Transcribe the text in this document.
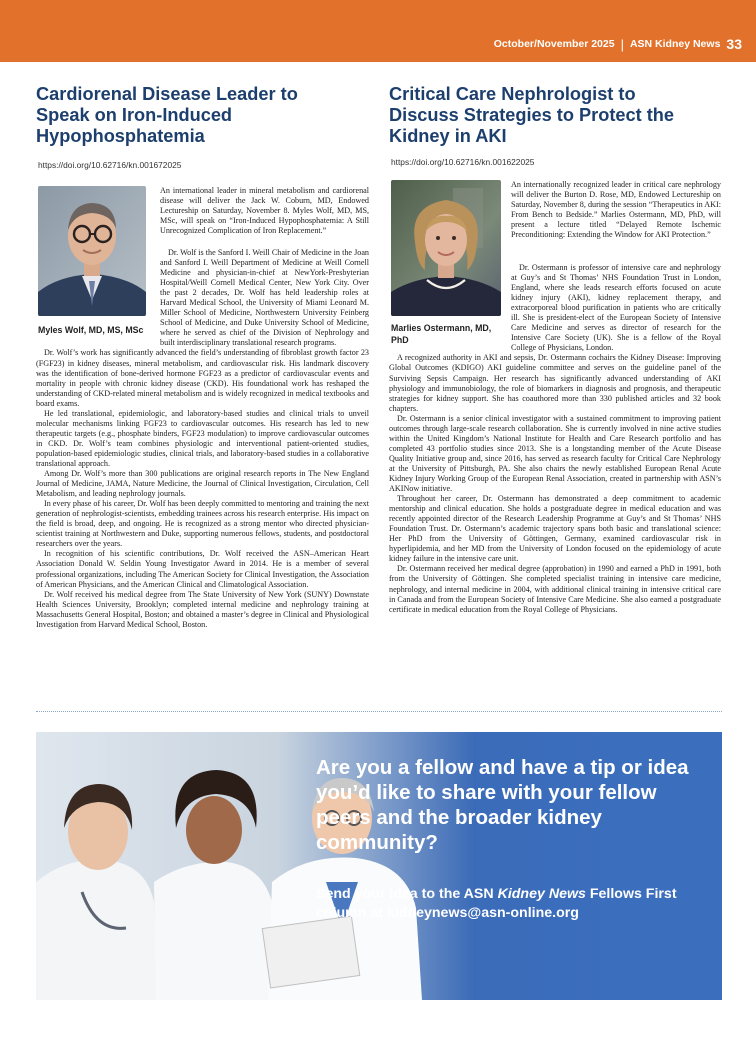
October/November 2025 | ASN Kidney News 33
Cardiorenal Disease Leader to Speak on Iron-Induced Hypophosphatemia
https://doi.org/10.62716/kn.001672025
Myles Wolf, MD, MS, MSc

An international leader in mineral metabolism and cardiorenal disease will deliver the Jack W. Coburn, MD, Endowed Lectureship on Saturday, November 8. Myles Wolf, MD, MS, MSc, will speak on “Iron-Induced Hypophosphatemia: A Still Unrecognized Complication of Iron Replacement.”

Dr. Wolf is the Sanford I. Weill Chair of Medicine in the Joan and Sanford I. Weill Department of Medicine at Weill Cornell Medicine and physician-in-chief at NewYork-Presbyterian Hospital/Weill Cornell Medical Center, New York City. Over the past 2 decades, Dr. Wolf has held leadership roles at Harvard Medical School, the University of Miami Leonard M. Miller School of Medicine, Northwestern University Feinberg School of Medicine, and Duke University School of Medicine, where he served as chief of the Division of Nephrology and built interdisciplinary translational research programs.

Dr. Wolf’s work has significantly advanced the field’s understanding of fibroblast growth factor 23 (FGF23) in kidney diseases, mineral metabolism, and cardiovascular risk. His landmark discovery was the identification of bone-derived hormone FGF23 as a predictor of cardiovascular events and mortality in people with chronic kidney disease (CKD). His foundational work has reshaped the understanding of CKD-related mineral metabolism and is widely recognized in medical textbooks and board exams.

He led translational, epidemiologic, and laboratory-based studies and clinical trials to unveil molecular mechanisms linking FGF23 to cardiovascular outcomes. His research has led to new therapeutic targets (e.g., phosphate binders, FGF23 modulation) to improve cardiovascular outcomes in CKD. Dr. Wolf’s team combines physiologic and interventional patient-oriented studies, population-based epidemiologic studies, clinical trials, and laboratory-based studies in a collaborative translational approach.

Among Dr. Wolf’s more than 300 publications are original research reports in The New England Journal of Medicine, JAMA, Nature Medicine, the Journal of Clinical Investigation, Circulation, Cell Metabolism, and leading nephrology journals.

In every phase of his career, Dr. Wolf has been deeply committed to mentoring and training the next generation of nephrologist-scientists, embedding trainees across his research enterprise. His impact on the field is broad, deep, and ongoing. He is recognized as a strong mentor who directed physician-scientist training at Northwestern and Duke, supporting numerous fellows, students, and postdoctoral researchers over the years.

In recognition of his scientific contributions, Dr. Wolf received the ASN–American Heart Association Donald W. Seldin Young Investigator Award in 2014. He is a member of several professional organizations, including The American Society for Clinical Investigation, the Association of American Physicians, and the American Clinical and Climatological Association.

Dr. Wolf received his medical degree from The State University of New York (SUNY) Downstate Health Sciences University, Brooklyn; completed internal medicine and nephrology training at Massachusetts General Hospital, Boston; and obtained a master’s degree in Clinical and Physiological Investigation from Harvard Medical School, Boston.

Critical Care Nephrologist to Discuss Strategies to Protect the Kidney in AKI
https://doi.org/10.62716/kn.001622025
Marlies Ostermann, MD, PhD

An internationally recognized leader in critical care nephrology will deliver the Burton D. Rose, MD, Endowed Lectureship on Saturday, November 8, during the session “Therapeutics in AKI: From Bench to Bedside.” Marlies Ostermann, MD, PhD, will present a lecture titled “Delayed Remote Ischemic Preconditioning: Extending the Window for AKI Protection.”

Dr. Ostermann is professor of intensive care and nephrology at Guy’s and St Thomas’ NHS Foundation Trust in London, England, where she leads research efforts focused on acute kidney injury (AKI), kidney replacement therapy, and extracorporeal blood purification in patients who are critically ill. She is president-elect of the European Society of Intensive Care Medicine and serves as director of research for the Intensive Care Society (UK). She is a fellow of the Royal College of Physicians, London.

A recognized authority in AKI and sepsis, Dr. Ostermann cochairs the Kidney Disease: Improving Global Outcomes (KDIGO) AKI guideline committee and serves on the guideline panel of the Surviving Sepsis Campaign. Her research has significantly advanced understanding of AKI physiology and immunobiology, the role of biomarkers in diagnosis and prognosis, and therapeutic strategies for kidney support. She has coauthored more than 330 published articles and 32 book chapters.

Dr. Ostermann is a senior clinical investigator with a sustained commitment to improving patient outcomes through large-scale research collaboration. She is currently involved in nine active studies within the United Kingdom’s National Institute for Health and Care Research portfolio and has completed 43 portfolio studies since 2013. She is a longstanding member of the Acute Disease Quality Initiative group and, since 2016, has served as research faculty for Critical Care Nephrology at the University of Pittsburgh, PA. She also chairs the newly established European Renal Acute Kidney Injury Working Group of the European Renal Association, created in partnership with ASN’s AKINow initiative.

Throughout her career, Dr. Ostermann has demonstrated a deep commitment to academic mentorship and clinical education. She holds a postgraduate degree in medical education and was recently appointed director of the Research Leadership Programme at Guy’s and St Thomas’ NHS Foundation Trust. Dr. Ostermann’s academic trajectory spans both basic and translational science: Her PhD from the University of Göttingen, Germany, examined cardiovascular risk in hyperlipidemia, and her MD from the University of London focused on the epidemiology of acute kidney failure in the intensive care unit.

Dr. Ostermann received her medical degree (approbation) in 1990 and earned a PhD in 1991, both from the University of Göttingen. She completed specialist training in intensive care medicine, nephrology, and internal medicine in 2004, with additional clinical training in intensive critical care in Canada and from the European Society of Intensive Care Medicine. She also earned a postgraduate certificate in medical education from the Royal College of Physicians.

Are you a fellow and have a tip or idea you’d like to share with your fellow peers and the broader kidney community?

Send your idea to the ASN Kidney News Fellows First column at kidneynews@asn-online.org
